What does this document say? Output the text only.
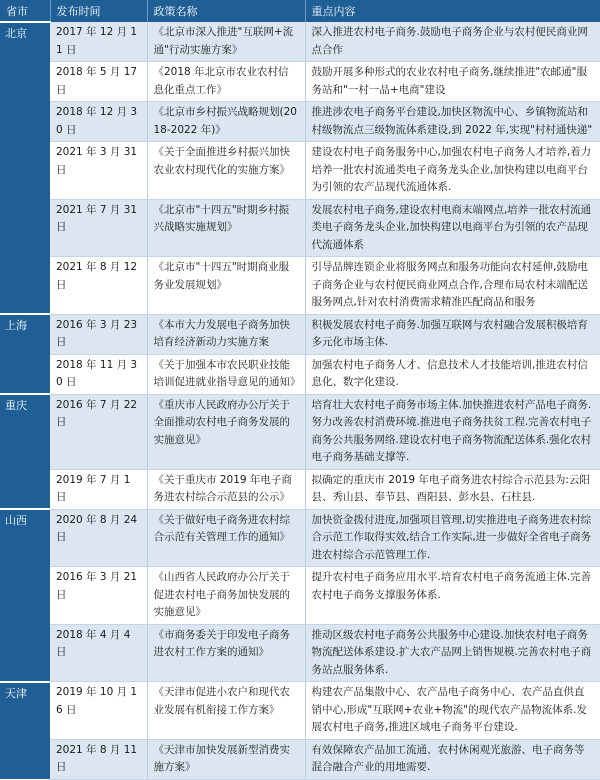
省市	发布时间	政策名称	重点内容
北京	2017 年 12 月 11 日	《北京市深入推进"互联网+流通"行动实施方案》	深入推进农村电子商务.鼓励电子商务企业与农村便民商业网点合作
	2018 年 5 月 17 日	《2018 年北京市农业农村信息化重点工作》	鼓励开展多种形式的农业农村电子商务,继续推进"农邮通"服务站和"一村一品+电商"建设
	2018 年 12 月 30 日	《北京市乡村振兴战略规划(2018-2022 年)》	推进涉农电子商务平台建设,加快区物流中心、乡镇物流站和村级物流点三级物流体系建设,到 2022 年,实现"村村通快递"
	2021 年 3 月 31 日	《关于全面推进乡村振兴加快农业农村现代化的实施方案》	建设农村电子商务服务中心,加强农村电子商务人才培养,着力培养一批农村流通类电子商务龙头企业,加快构建以电商平台为引领的农产品现代流通体系.
	2021 年 7 月 31 日	《北京市"十四五"时期乡村振兴战略实施规划》	发展农村电子商务,建设农村电商末端网点,培养一批农村流通类电子商务龙头企业,加快构建以电商平台为引领的农产品现代流通体系
	2021 年 8 月 12 日	《北京市"十四五"时期商业服务业发展规划》	引导品牌连锁企业将服务网点和服务功能向农村延伸,鼓励电子商务企业与农村便民商业网点合作,合理布局农村末端配送服务网点,针对农村消费需求精准匹配商品和服务
上海	2016 年 3 月 23 日	《本市大力发展电子商务加快培育经济新动力实施方案	积极发展农村电子商务.加强互联网与农村融合发展积极培育多元化市场主体.
	2018 年 11 月 30 日	《关于加强本市农民职业技能培训促进就业指导意见的通知》	加强农村电子商务人才、信息技术人才技能培训,推进农村信息化、数字化建设.
重庆	2016 年 7 月 22 日	《重庆市人民政府办公厅关于全面推动农村电子商务发展的实施意见》	培育壮大农村电子商务市场主体.加快推进农村产品电子商务.努力改善农村消费环境.推进电子商务扶贫工程.完善农村电子商务公共服务网络.建设农村电子商务物流配送体系.强化农村电子商务基础支撑等.
	2019 年 7 月 1 日	《关于重庆市 2019 年电子商务进农村综合示范县的公示》	拟确定的重庆市 2019 年电子商务进农村综合示范县为:云阳县、秀山县、奉节县、酉阳县、彭水县、石柱县.
山西	2020 年 8 月 24 日	《关于做好电子商务进农村综合示范有关管理工作的通知》	加快资金拨付进度,加强项目管理,切实推进电子商务进农村综合示范工作取得实效,结合工作实际,进一步做好全省电子商务进农村综合示范管理工作.
	2016 年 3 月 21 日	《山西省人民政府办公厅关于促进农村电子商务加快发展的实施意见》	提升农村电子商务应用水平.培育农村电子商务流通主体.完善农村电子商务支撑服务体系.
	2018 年 4 月 4 日	《市商务委关于印发电子商务进农村工作方案的通知》	推动区级农村电子商务公共服务中心建设.加快农村电子商务物流配送体系建设.扩大农产品网上销售规模.完善农村电子商务站点服务体系.
天津	2019 年 10 月 16 日	《天津市促进小农户和现代农业发展有机衔接工作方案》	构建农产品集散中心、农产品电子商务中心、农产品直供直销中心,形成"互联网+农业+物流"的现代农产品物流体系.发展农村电子商务,推进区域电子商务平台建设.
	2021 年 8 月 11 日	《天津市加快发展新型消费实施方案》	有效保障农产品加工流通、农村休闲观光旅游、电子商务等混合融合产业的用地需要.
